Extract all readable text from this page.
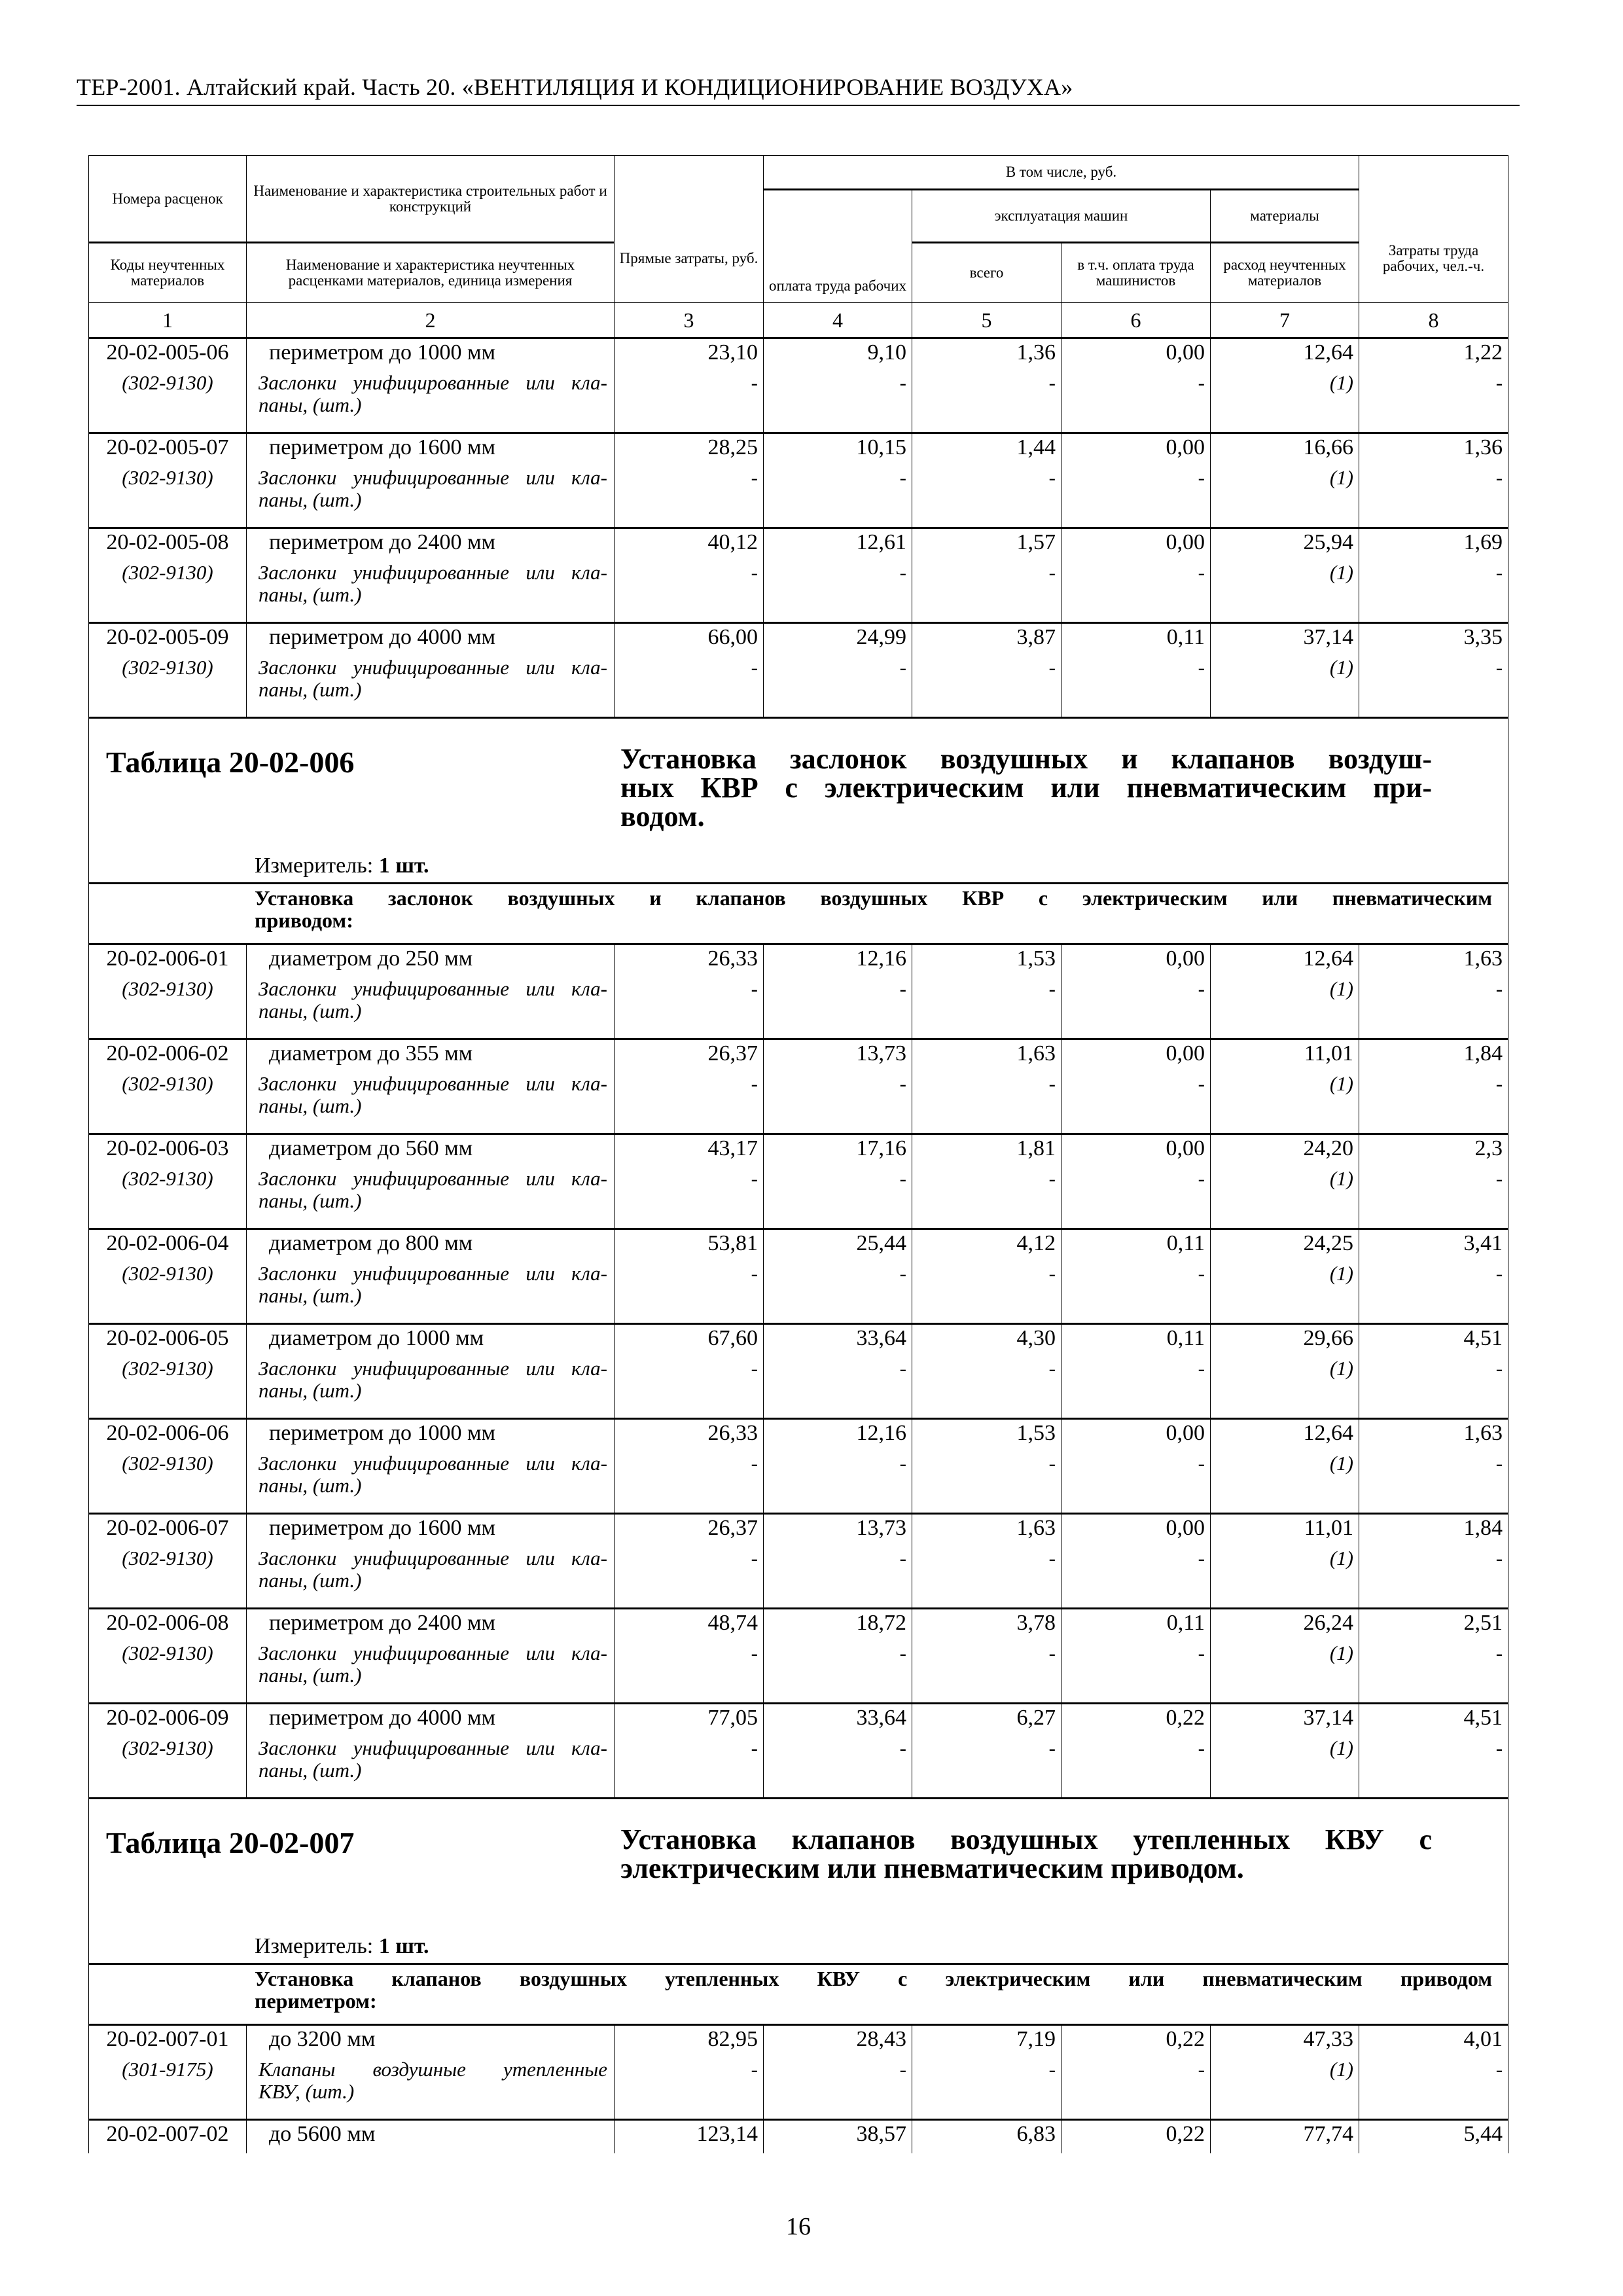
ТЕР-2001. Алтайский край. Часть 20. «ВЕНТИЛЯЦИЯ И КОНДИЦИОНИРОВАНИЕ ВОЗДУХА»
Номера расценок	Наименование и характеристика строительных работ и конструкций	Прямые затраты, руб.	В том числе, руб.				Затраты труда рабочих, чел.-ч.
			оплата труда рабочих	эксплуатация машин		материалы	
Коды неучтенных материалов	Наименование и характеристика неучтенных расценками материалов, единица измерения			всего	в т.ч. оплата труда машинистов	расход неучтенных материалов	

1	2	3	4	5	6	7	8
20-02-005-06	периметром до 1000 мм	23,10	9,10	1,36	0,00	12,64	1,22
(302-9130)	Заслонки унифицированные или кла-
паны, (шт.)	-	-	-	-	(1)	-
20-02-005-07	периметром до 1600 мм	28,25	10,15	1,44	0,00	16,66	1,36
(302-9130)	Заслонки унифицированные или кла-
паны, (шт.)	-	-	-	-	(1)	-
20-02-005-08	периметром до 2400 мм	40,12	12,61	1,57	0,00	25,94	1,69
(302-9130)	Заслонки унифицированные или кла-
паны, (шт.)	-	-	-	-	(1)	-
20-02-005-09	периметром до 4000 мм	66,00	24,99	3,87	0,11	37,14	3,35
(302-9130)	Заслонки унифицированные или кла-
паны, (шт.)	-	-	-	-	(1)	-

Таблица 20-02-006 Установка заслонок воздушных и клапанов воздуш-
ных КВР с электрическим или пневматическим при-
водом.
Измеритель: 1 шт.							

Установка заслонок воздушных и клапанов воздушных КВР с электрическим или пневматическим
приводом:							

20-02-006-01	диаметром до 250 мм	26,33	12,16	1,53	0,00	12,64	1,63
(302-9130)	Заслонки унифицированные или кла-
паны, (шт.)	-	-	-	-	(1)	-
20-02-006-02	диаметром до 355 мм	26,37	13,73	1,63	0,00	11,01	1,84
(302-9130)	Заслонки унифицированные или кла-
паны, (шт.)	-	-	-	-	(1)	-
20-02-006-03	диаметром до 560 мм	43,17	17,16	1,81	0,00	24,20	2,3
(302-9130)	Заслонки унифицированные или кла-
паны, (шт.)	-	-	-	-	(1)	-
20-02-006-04	диаметром до 800 мм	53,81	25,44	4,12	0,11	24,25	3,41
(302-9130)	Заслонки унифицированные или кла-
паны, (шт.)	-	-	-	-	(1)	-
20-02-006-05	диаметром до 1000 мм	67,60	33,64	4,30	0,11	29,66	4,51
(302-9130)	Заслонки унифицированные или кла-
паны, (шт.)	-	-	-	-	(1)	-
20-02-006-06	периметром до 1000 мм	26,33	12,16	1,53	0,00	12,64	1,63
(302-9130)	Заслонки унифицированные или кла-
паны, (шт.)	-	-	-	-	(1)	-
20-02-006-07	периметром до 1600 мм	26,37	13,73	1,63	0,00	11,01	1,84
(302-9130)	Заслонки унифицированные или кла-
паны, (шт.)	-	-	-	-	(1)	-
20-02-006-08	периметром до 2400 мм	48,74	18,72	3,78	0,11	26,24	2,51
(302-9130)	Заслонки унифицированные или кла-
паны, (шт.)	-	-	-	-	(1)	-
20-02-006-09	периметром до 4000 мм	77,05	33,64	6,27	0,22	37,14	4,51
(302-9130)	Заслонки унифицированные или кла-
паны, (шт.)	-	-	-	-	(1)	-

Таблица 20-02-007 Установка клапанов воздушных утепленных КВУ с
электрическим или пневматическим приводом.
Измеритель: 1 шт.							

Установка клапанов воздушных утепленных КВУ с электрическим или пневматическим приводом
периметром:							

20-02-007-01	до 3200 мм	82,95	28,43	7,19	0,22	47,33	4,01
(301-9175)	Клапаны воздушные утепленные
КВУ, (шт.)	-	-	-	-	(1)	-
20-02-007-02	до 5600 мм	123,14	38,57	6,83	0,22	77,74	5,44
16
